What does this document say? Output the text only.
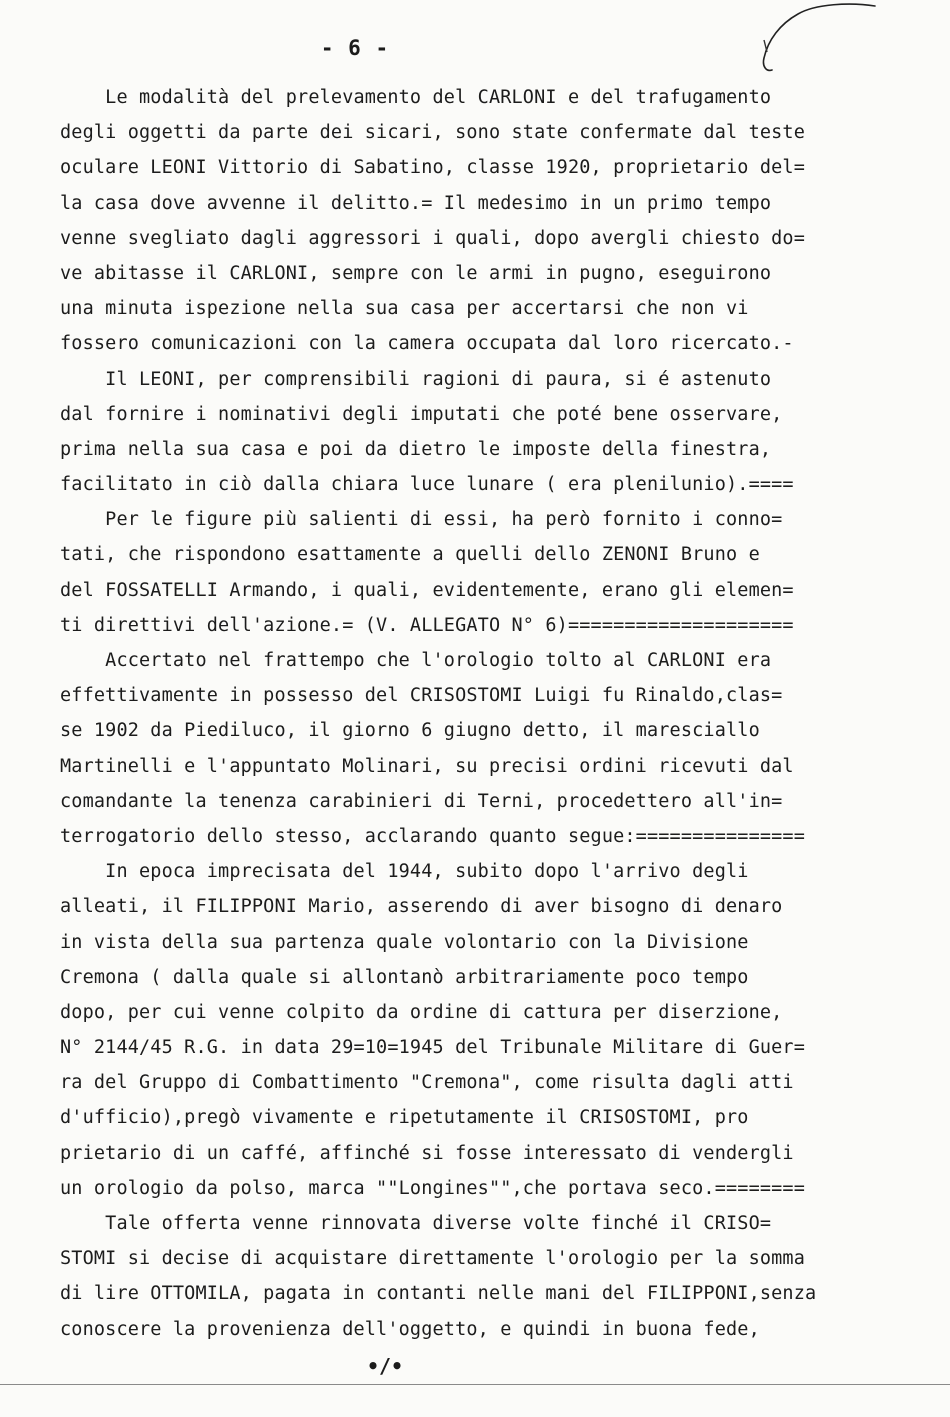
- 6 -
Le modalità del prelevamento del CARLONI e del trafugamento
degli oggetti da parte dei sicari, sono state confermate dal teste
oculare LEONI Vittorio di Sabatino, classe 1920, proprietario del=
la casa dove avvenne il delitto.= Il medesimo in un primo tempo
venne svegliato dagli aggressori i quali, dopo avergli chiesto do=
ve abitasse il CARLONI, sempre con le armi in pugno, eseguirono
una minuta ispezione nella sua casa per accertarsi che non vi
fossero comunicazioni con la camera occupata dal loro ricercato.-
Il LEONI, per comprensibili ragioni di paura, si é astenuto
dal fornire i nominativi degli imputati che poté bene osservare,
prima nella sua casa e poi da dietro le imposte della finestra,
facilitato in ciò dalla chiara luce lunare ( era plenilunio).====
Per le figure più salienti di essi, ha però fornito i conno=
tati, che rispondono esattamente a quelli dello ZENONI Bruno e
del FOSSATELLI Armando, i quali, evidentemente, erano gli elemen=
ti direttivi dell'azione.= (V. ALLEGATO N° 6)====================
Accertato nel frattempo che l'orologio tolto al CARLONI era
effettivamente in possesso del CRISOSTOMI Luigi fu Rinaldo,clas=
se 1902 da Piediluco, il giorno 6 giugno detto, il maresciallo
Martinelli e l'appuntato Molinari, su precisi ordini ricevuti dal
comandante la tenenza carabinieri di Terni, procedettero all'in=
terrogatorio dello stesso, acclarando quanto segue:===============
In epoca imprecisata del 1944, subito dopo l'arrivo degli
alleati, il FILIPPONI Mario, asserendo di aver bisogno di denaro
in vista della sua partenza quale volontario con la Divisione
Cremona ( dalla quale si allontanò arbitrariamente poco tempo
dopo, per cui venne colpito da ordine di cattura per diserzione,
N° 2144/45 R.G. in data 29=10=1945 del Tribunale Militare di Guer=
ra del Gruppo di Combattimento "Cremona", come risulta dagli atti
d'ufficio),pregò vivamente e ripetutamente il CRISOSTOMI, pro
prietario di un caffé, affinché si fosse interessato di vendergli
un orologio da polso, marca ""Longines"",che portava seco.========
Tale offerta venne rinnovata diverse volte finché il CRISO=
STOMI si decise di acquistare direttamente l'orologio per la somma
di lire OTTOMILA, pagata in contanti nelle mani del FILIPPONI,senza
conoscere la provenienza dell'oggetto, e quindi in buona fede,
•/•
